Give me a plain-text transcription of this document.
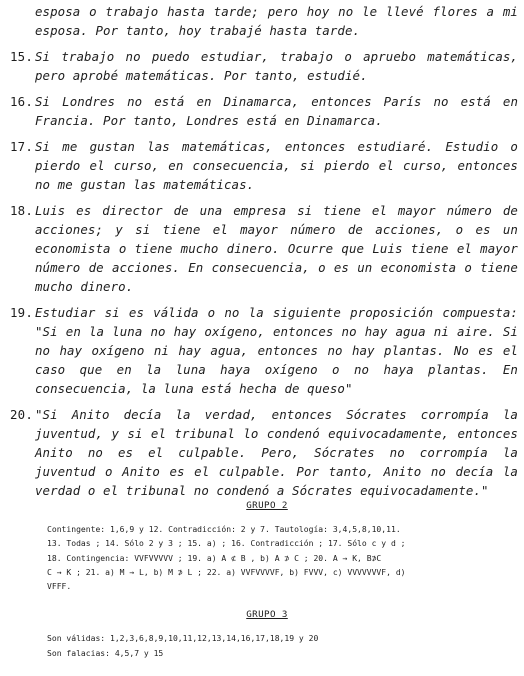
esposa o trabajo hasta tarde; pero hoy no le llevé flores a mi esposa. Por tanto, hoy trabajé hasta tarde.
15. Si trabajo no puedo estudiar, trabajo o apruebo matemáticas, pero aprobé matemáticas. Por tanto, estudié.
16. Si Londres no está en Dinamarca, entonces París no está en Francia. Por tanto, Londres está en Dinamarca.
17. Si me gustan las matemáticas, entonces estudiaré. Estudio o pierdo el curso, en consecuencia, si pierdo el curso, entonces no me gustan las matemáticas.
18. Luis es director de una empresa si tiene el mayor número de acciones; y si tiene el mayor número de acciones, o es un economista o tiene mucho dinero. Ocurre que Luis tiene el mayor número de acciones. En consecuencia, o es un economista o tiene mucho dinero.
19. Estudiar si es válida o no la siguiente proposición compuesta: "Si en la luna no hay oxígeno, entonces no hay agua ni aire. Si no hay oxígeno ni hay agua, entonces no hay plantas. No es el caso que en la luna haya oxígeno o no haya plantas. En consecuencia, la luna está hecha de queso"
20. "Si Anito decía la verdad, entonces Sócrates corrompía la juventud, y si el tribunal lo condenó equivocadamente, entonces Anito no es el culpable. Pero, Sócrates no corrompía la juventud o Anito es el culpable. Por tanto, Anito no decía la verdad o el tribunal no condenó a Sócrates equivocadamente."
GRUPO 2
Contingente: 1,6,9 y 12. Contradicción: 2 y 7. Tautología: 3,4,5,8,10,11.
13. Todas ; 14. Sólo 2 y 3 ; 15. a) ; 16. Contradicción ; 17. Sólo c y d ;
18. Contingencia: VVFVVVVV ; 19. a) A ⊄ B , b) A ⊅ C ; 20. A → K, B⊅C
C → K ; 21. a) M → L, b) M ⊅ L ; 22. a) VVFVVVVF, b) FVVV, c) VVVVVVVF, d)
VFFF.
GRUPO 3
Son válidas: 1,2,3,6,8,9,10,11,12,13,14,16,17,18,19 y 20
Son falacias: 4,5,7 y 15
